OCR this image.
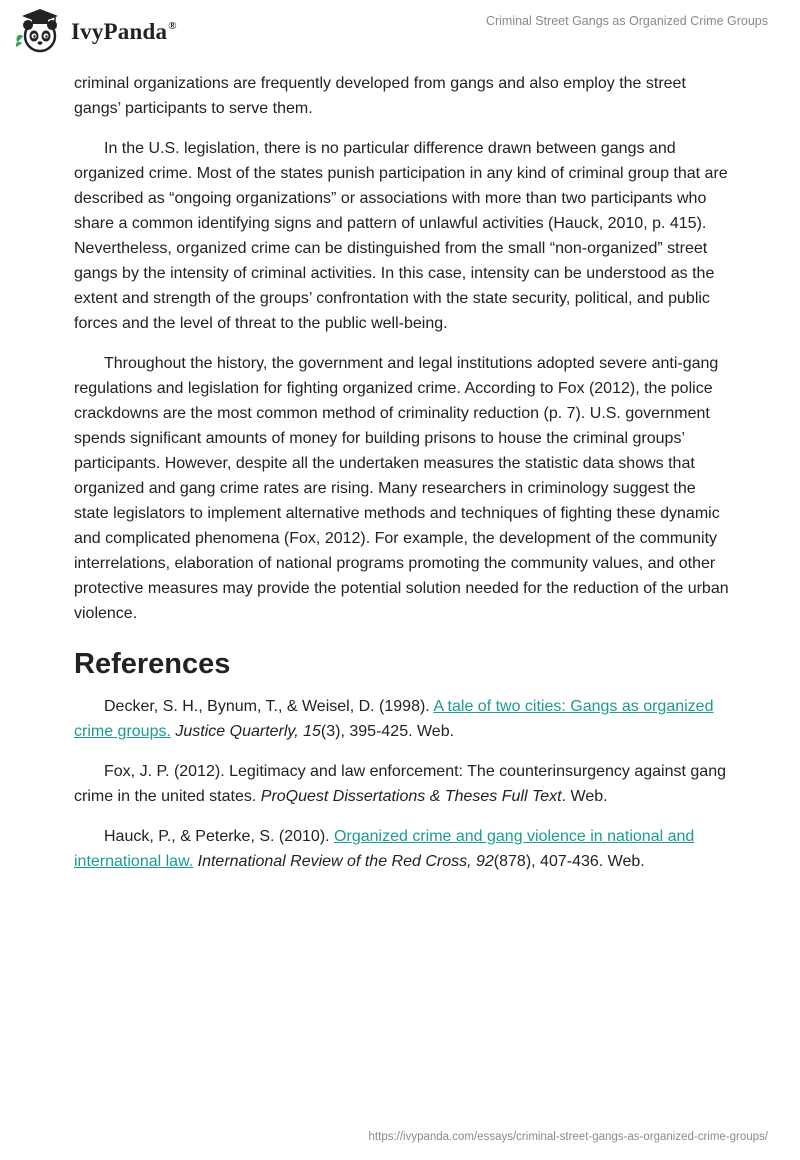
IvyPanda®	Criminal Street Gangs as Organized Crime Groups

criminal organizations are frequently developed from gangs and also employ the street gangs’ participants to serve them.

In the U.S. legislation, there is no particular difference drawn between gangs and organized crime. Most of the states punish participation in any kind of criminal group that are described as “ongoing organizations” or associations with more than two participants who share a common identifying signs and pattern of unlawful activities (Hauck, 2010, p. 415). Nevertheless, organized crime can be distinguished from the small “non-organized” street gangs by the intensity of criminal activities. In this case, intensity can be understood as the extent and strength of the groups’ confrontation with the state security, political, and public forces and the level of threat to the public well-being.

Throughout the history, the government and legal institutions adopted severe anti-gang regulations and legislation for fighting organized crime. According to Fox (2012), the police crackdowns are the most common method of criminality reduction (p. 7). U.S. government spends significant amounts of money for building prisons to house the criminal groups’ participants. However, despite all the undertaken measures the statistic data shows that organized and gang crime rates are rising. Many researchers in criminology suggest the state legislators to implement alternative methods and techniques of fighting these dynamic and complicated phenomena (Fox, 2012). For example, the development of the community interrelations, elaboration of national programs promoting the community values, and other protective measures may provide the potential solution needed for the reduction of the urban violence.

References

Decker, S. H., Bynum, T., & Weisel, D. (1998). A tale of two cities: Gangs as organized crime groups. Justice Quarterly, 15(3), 395-425. Web.

Fox, J. P. (2012). Legitimacy and law enforcement: The counterinsurgency against gang crime in the united states. ProQuest Dissertations & Theses Full Text. Web.

Hauck, P., & Peterke, S. (2010). Organized crime and gang violence in national and international law. International Review of the Red Cross, 92(878), 407-436. Web.

https://ivypanda.com/essays/criminal-street-gangs-as-organized-crime-groups/
